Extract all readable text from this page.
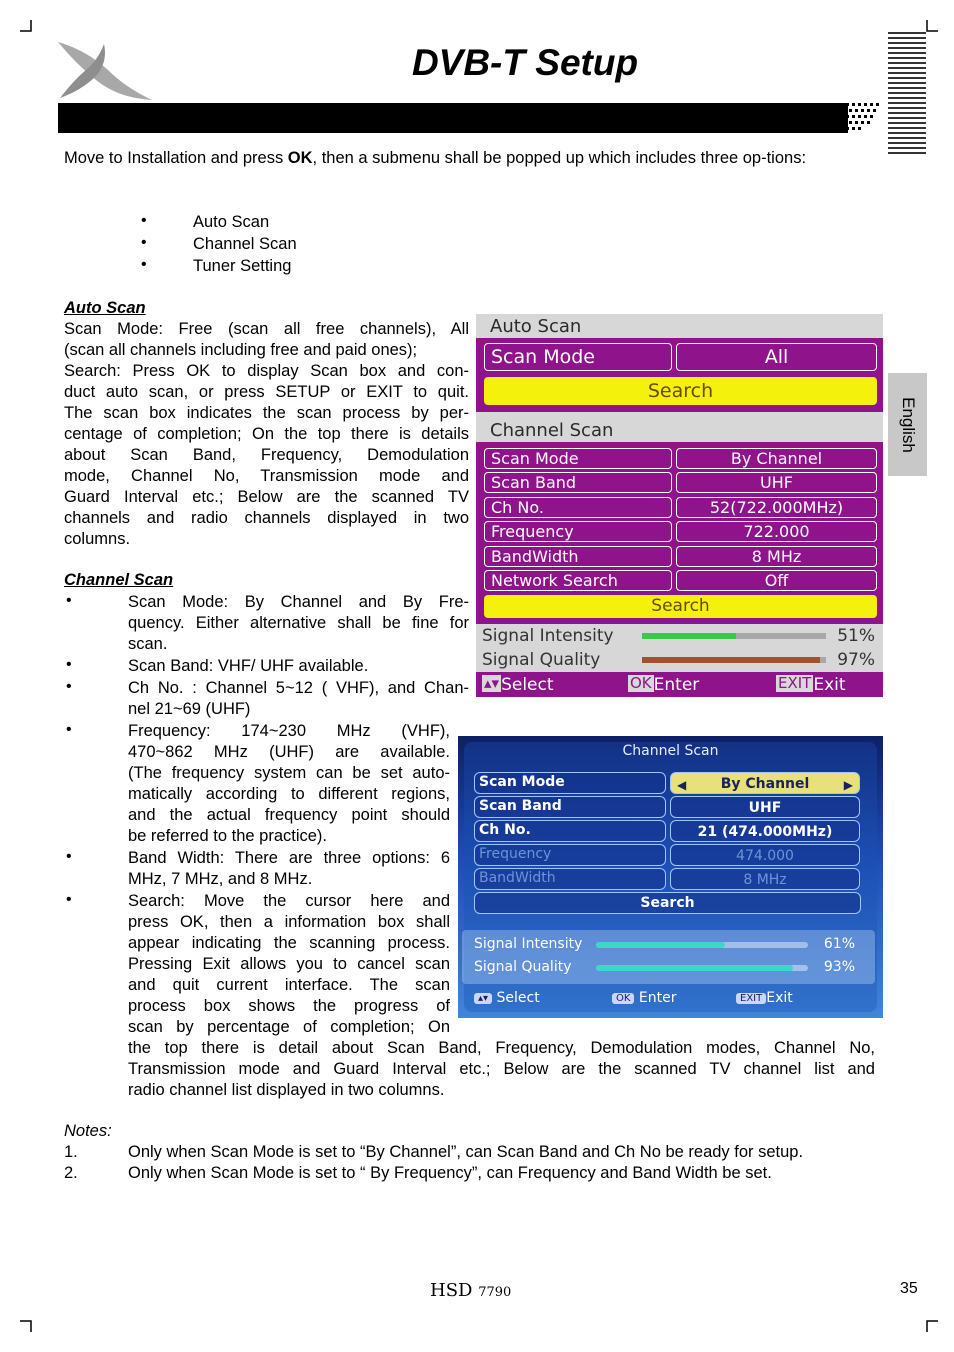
DVB-T Setup
English
Move to Installation and press OK, then a submenu shall be popped up which includes three op-tions:
•	Auto Scan
•	Channel Scan
•	Tuner Setting
Auto Scan
Scan Mode: Free (scan all free channels), All
(scan all channels including free and paid ones);
Search: Press OK to display Scan box and con-
duct auto scan, or press SETUP or EXIT to quit.
The scan box indicates the scan process by per-
centage of completion; On the top there is details
about Scan Band, Frequency, Demodulation
mode, Channel No, Transmission mode and
Guard Interval etc.; Below are the scanned TV
channels and radio channels displayed in two
columns.
Channel Scan
•	Scan Mode: By Channel and By Fre-
quency. Either alternative shall be fine for
scan.
•	Scan Band: VHF/ UHF available.
•	Ch No. : Channel 5~12 ( VHF), and Chan-
nel 21~69 (UHF)
•	Frequency: 174~230 MHz (VHF),
470~862 MHz (UHF) are available.
(The frequency system can be set auto-
matically according to different regions,
and the actual frequency point should
be referred to the practice).
•	Band Width: There are three options: 6
MHz, 7 MHz, and 8 MHz.
•	Search: Move the cursor here and
press OK, then a information box shall
appear indicating the scanning process.
Pressing Exit allows you to cancel scan
and quit current interface. The scan
process box shows the progress of
scan by percentage of completion; On
the top there is detail about Scan Band, Frequency, Demodulation modes, Channel No,
Transmission mode and Guard Interval etc.; Below are the scanned TV channel list and
radio channel list displayed in two columns.
Notes:
1.	Only when Scan Mode is set to “By Channel”, can Scan Band and Ch No be ready for setup.
2.	Only when Scan Mode is set to “ By Frequency”, can Frequency and Band Width be set.
Auto Scan
Scan Mode	All
Search
Channel Scan
Scan Mode	By Channel
Scan Band	UHF
Ch No.	52(722.000MHz)
Frequency	722.000
BandWidth	8 MHz
Network Search	Off
Search
Signal Intensity	51%
Signal Quality	97%
▴▾ Select	OK Enter	EXIT Exit
Channel Scan
Scan Mode	◀ By Channel	▶
Scan Band	UHF
Ch No.	21 (474.000MHz)
Frequency	474.000
BandWidth	8 MHz
Search
Signal Intensity	61%
Signal Quality	93%
▴▾ Select	OK Enter	EXIT Exit
HSD 7790	35
